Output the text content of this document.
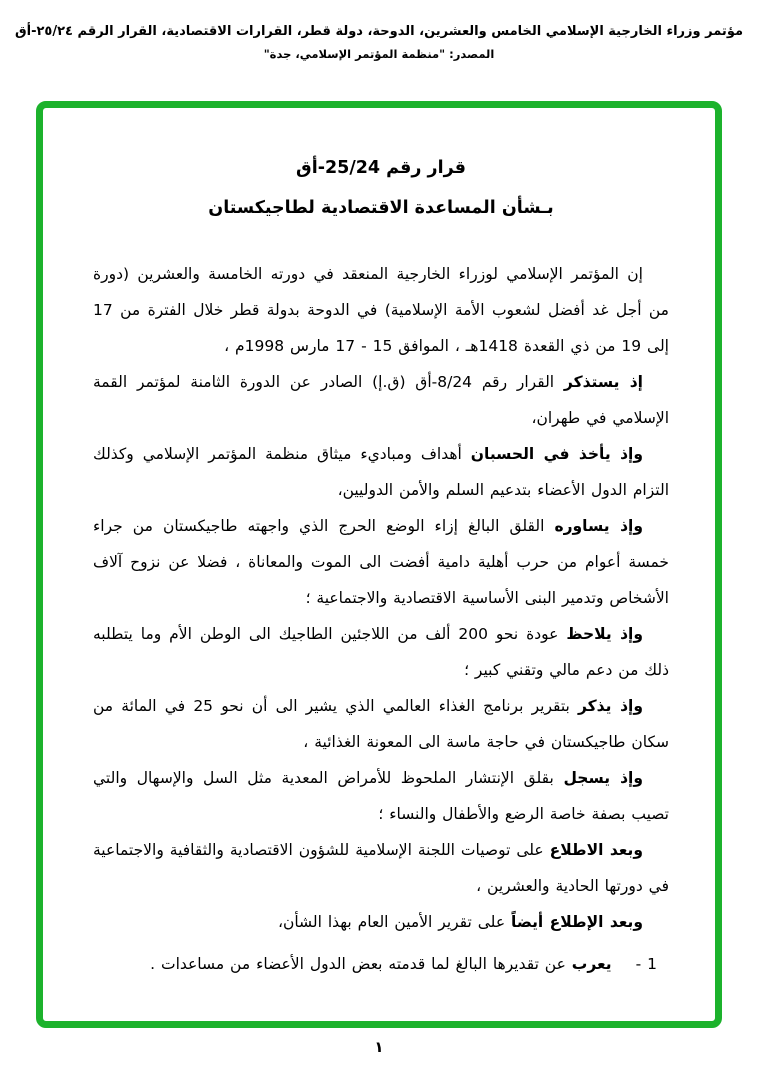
مؤتمر وزراء الخارجية الإسلامي الخامس والعشرين، الدوحة، دولة قطر، القرارات الاقتصادية، القرار الرقم ٢٥/٢٤-أق
المصدر: "منظمة المؤتمر الإسلامي، جدة"
قرار رقم 25/24-أق
بـشأن المساعدة الاقتصادية لطاجيكستان

إن المؤتمر الإسلامي لوزراء الخارجية المنعقد في دورته الخامسة والعشرين (دورة من أجل غد أفضل لشعوب الأمة الإسلامية) في الدوحة بدولة قطر خلال الفترة من 17 إلى 19 من ذي القعدة 1418هـ ، الموافق 15 - 17 مارس 1998م ،

إذ يستذكر القرار رقم 8/24-أق (ق.إ) الصادر عن الدورة الثامنة لمؤتمر القمة الإسلامي في طهران،

وإذ يأخذ في الحسبان أهداف ومباديء ميثاق منظمة المؤتمر الإسلامي وكذلك التزام الدول الأعضاء بتدعيم السلم والأمن الدوليين،

وإذ يساوره القلق البالغ إزاء الوضع الحرج الذي واجهته طاجيكستان من جراء خمسة أعوام من حرب أهلية دامية أفضت الى الموت والمعاناة ، فضلا عن نزوح آلاف الأشخاص وتدمير البنى الأساسية الاقتصادية والاجتماعية ؛

وإذ يلاحظ عودة نحو 200 ألف من اللاجئين الطاجيك الى الوطن الأم وما يتطلبه ذلك من دعم مالي وتقني كبير ؛

وإذ يذكر بتقرير برنامج الغذاء العالمي الذي يشير الى أن نحو 25 في المائة من سكان طاجيكستان في حاجة ماسة الى المعونة الغذائية ،

وإذ يسجل بقلق الإنتشار الملحوظ للأمراض المعدية مثل السل والإسهال والتي تصيب بصفة خاصة الرضع والأطفال والنساء ؛

وبعد الاطلاع على توصيات اللجنة الإسلامية للشؤون الاقتصادية والثقافية والاجتماعية في دورتها الحادية والعشرين ،

وبعد الإطلاع أيضاً على تقرير الأمين العام بهذا الشأن،

1 -يعرب عن تقديرها البالغ لما قدمته بعض الدول الأعضاء من مساعدات .

١
